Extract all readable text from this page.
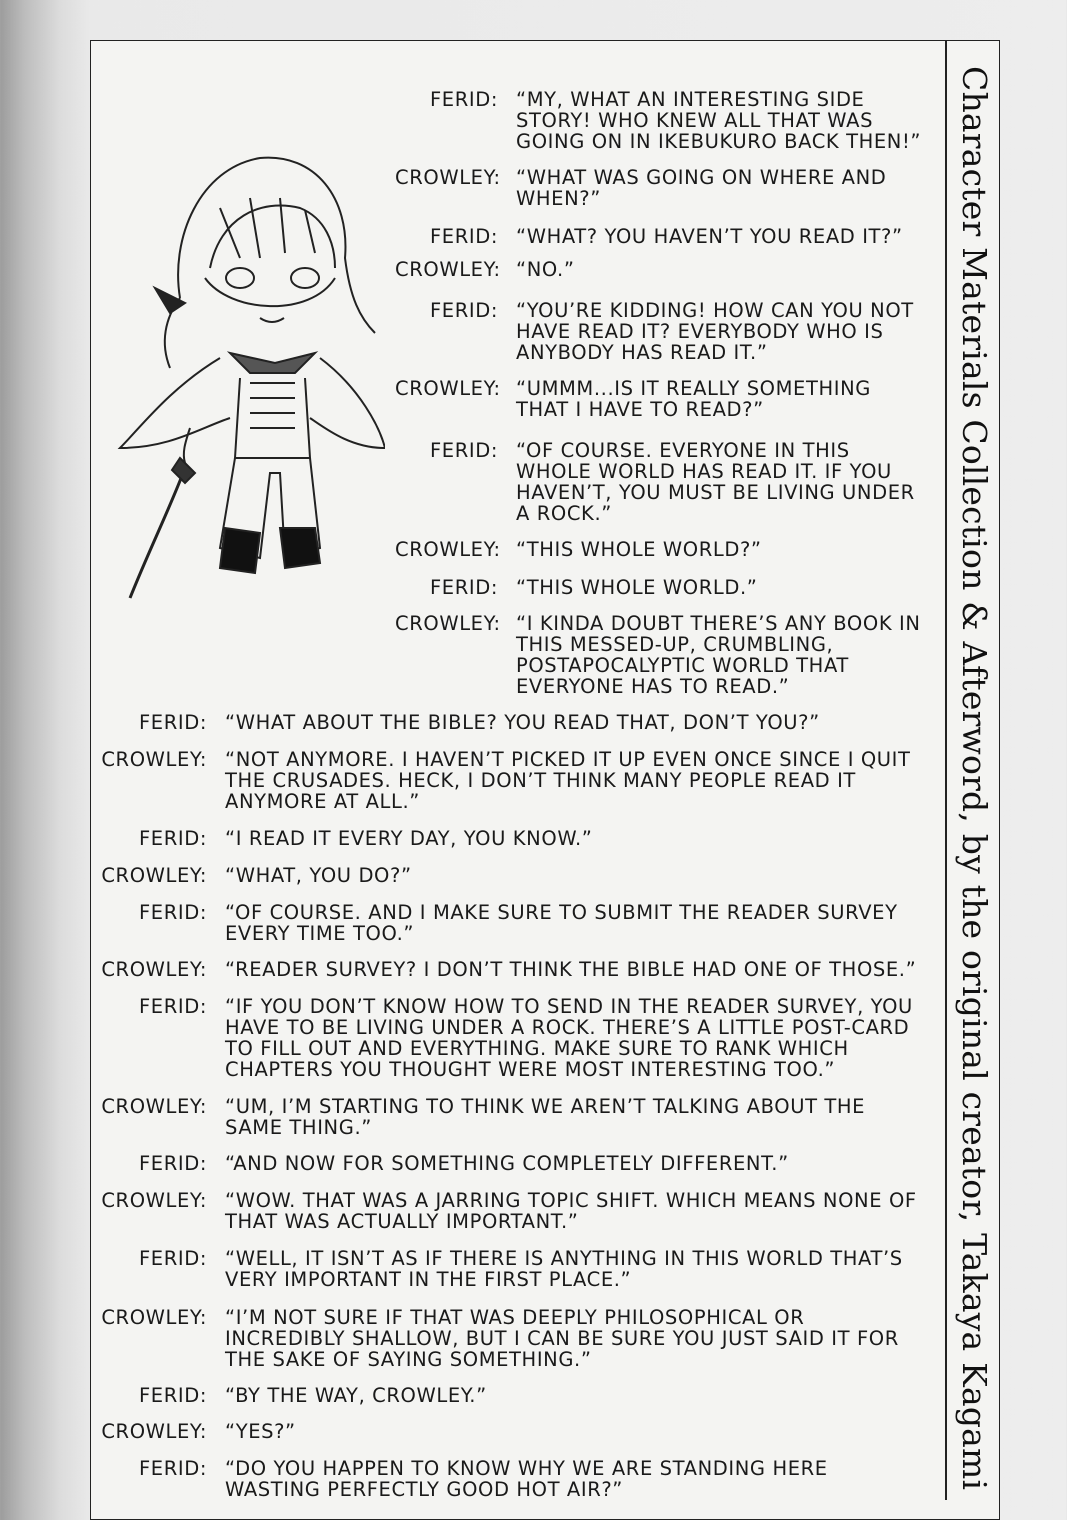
Character Materials Collection & Afterword, by the original creator, Takaya Kagami
FERID: “MY, WHAT AN INTERESTING SIDE STORY! WHO KNEW ALL THAT WAS GOING ON IN IKEBUKURO BACK THEN!”
CROWLEY: “WHAT WAS GOING ON WHERE AND WHEN?”
FERID: “WHAT? YOU HAVEN’T YOU READ IT?”
CROWLEY: “NO.”
FERID: “YOU’RE KIDDING! HOW CAN YOU NOT HAVE READ IT? EVERYBODY WHO IS ANYBODY HAS READ IT.”
CROWLEY: “UMMM...IS IT REALLY SOMETHING THAT I HAVE TO READ?”
FERID: “OF COURSE. EVERYONE IN THIS WHOLE WORLD HAS READ IT. IF YOU HAVEN’T, YOU MUST BE LIVING UNDER A ROCK.”
CROWLEY: “THIS WHOLE WORLD?”
FERID: “THIS WHOLE WORLD.”
CROWLEY: “I KINDA DOUBT THERE’S ANY BOOK IN THIS MESSED-UP, CRUMBLING, POSTAPOCALYPTIC WORLD THAT EVERYONE HAS TO READ.”
FERID: “WHAT ABOUT THE BIBLE? YOU READ THAT, DON’T YOU?”
CROWLEY: “NOT ANYMORE. I HAVEN’T PICKED IT UP EVEN ONCE SINCE I QUIT THE CRUSADES. HECK, I DON’T THINK MANY PEOPLE READ IT ANYMORE AT ALL.”
FERID: “I READ IT EVERY DAY, YOU KNOW.”
CROWLEY: “WHAT, YOU DO?”
FERID: “OF COURSE. AND I MAKE SURE TO SUBMIT THE READER SURVEY EVERY TIME TOO.”
CROWLEY: “READER SURVEY? I DON’T THINK THE BIBLE HAD ONE OF THOSE.”
FERID: “IF YOU DON’T KNOW HOW TO SEND IN THE READER SURVEY, YOU HAVE TO BE LIVING UNDER A ROCK. THERE’S A LITTLE POST-CARD TO FILL OUT AND EVERYTHING. MAKE SURE TO RANK WHICH CHAPTERS YOU THOUGHT WERE MOST INTERESTING TOO.”
CROWLEY: “UM, I’M STARTING TO THINK WE AREN’T TALKING ABOUT THE SAME THING.”
FERID: “AND NOW FOR SOMETHING COMPLETELY DIFFERENT.”
CROWLEY: “WOW. THAT WAS A JARRING TOPIC SHIFT. WHICH MEANS NONE OF THAT WAS ACTUALLY IMPORTANT.”
FERID: “WELL, IT ISN’T AS IF THERE IS ANYTHING IN THIS WORLD THAT’S VERY IMPORTANT IN THE FIRST PLACE.”
CROWLEY: “I’M NOT SURE IF THAT WAS DEEPLY PHILOSOPHICAL OR INCREDIBLY SHALLOW, BUT I CAN BE SURE YOU JUST SAID IT FOR THE SAKE OF SAYING SOMETHING.”
FERID: “BY THE WAY, CROWLEY.”
CROWLEY: “YES?”
FERID: “DO YOU HAPPEN TO KNOW WHY WE ARE STANDING HERE WASTING PERFECTLY GOOD HOT AIR?”
